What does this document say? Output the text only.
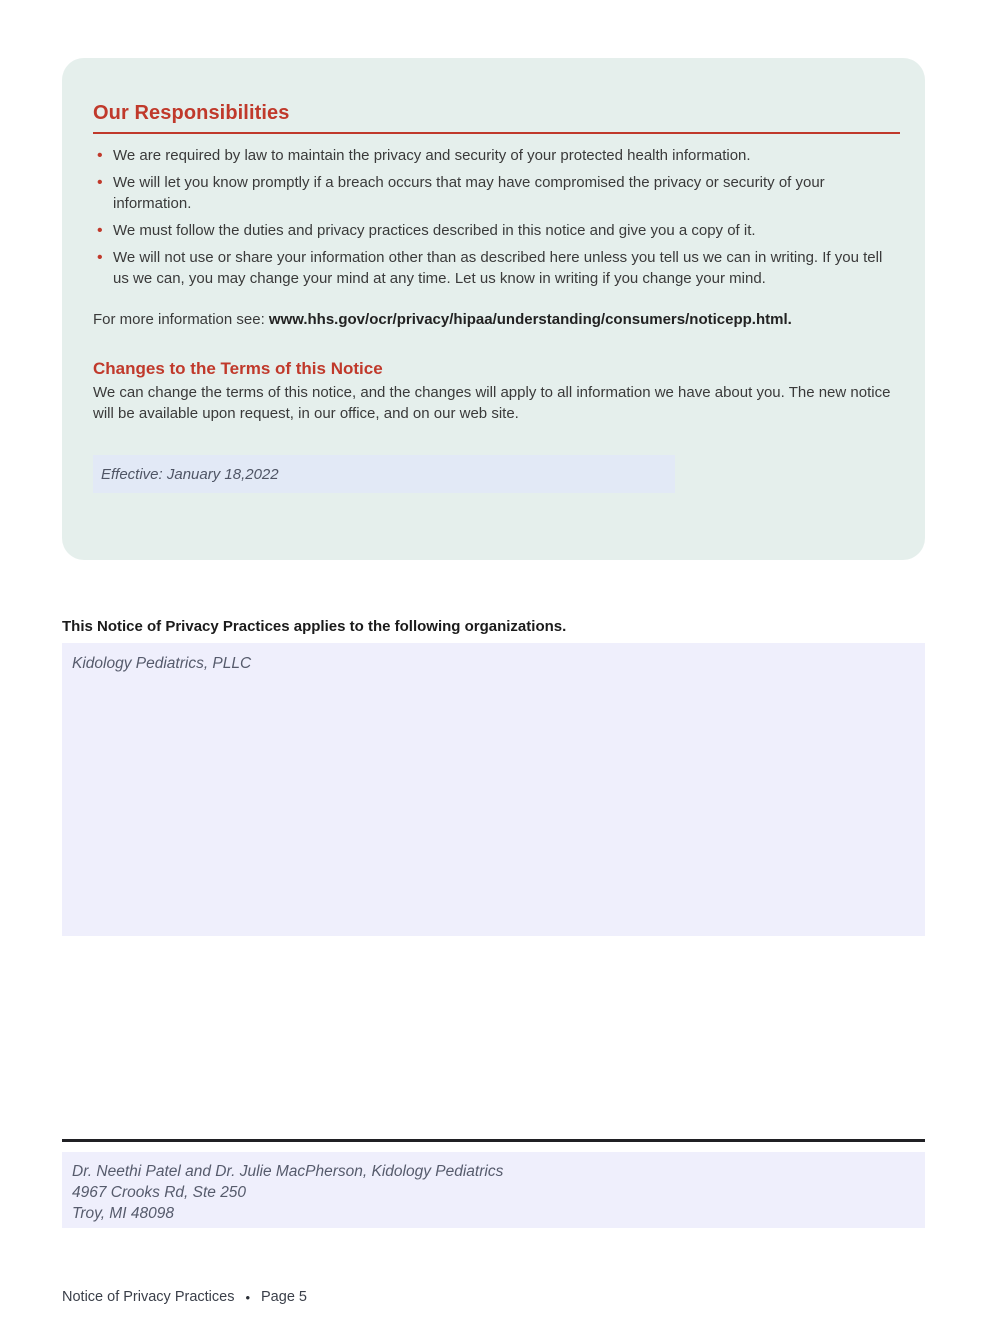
Our Responsibilities
• We are required by law to maintain the privacy and security of your protected health information.
• We will let you know promptly if a breach occurs that may have compromised the privacy or security of your information.
• We must follow the duties and privacy practices described in this notice and give you a copy of it.
• We will not use or share your information other than as described here unless you tell us we can in writing. If you tell us we can, you may change your mind at any time. Let us know in writing if you change your mind.
For more information see: www.hhs.gov/ocr/privacy/hipaa/understanding/consumers/noticepp.html.
Changes to the Terms of this Notice
We can change the terms of this notice, and the changes will apply to all information we have about you. The new notice will be available upon request, in our office, and on our web site.
Effective: January 18,2022
This Notice of Privacy Practices applies to the following organizations.
Kidology Pediatrics, PLLC
Dr. Neethi Patel and Dr. Julie MacPherson, Kidology Pediatrics
4967 Crooks Rd, Ste 250
Troy, MI 48098
Notice of Privacy Practices • Page 5
